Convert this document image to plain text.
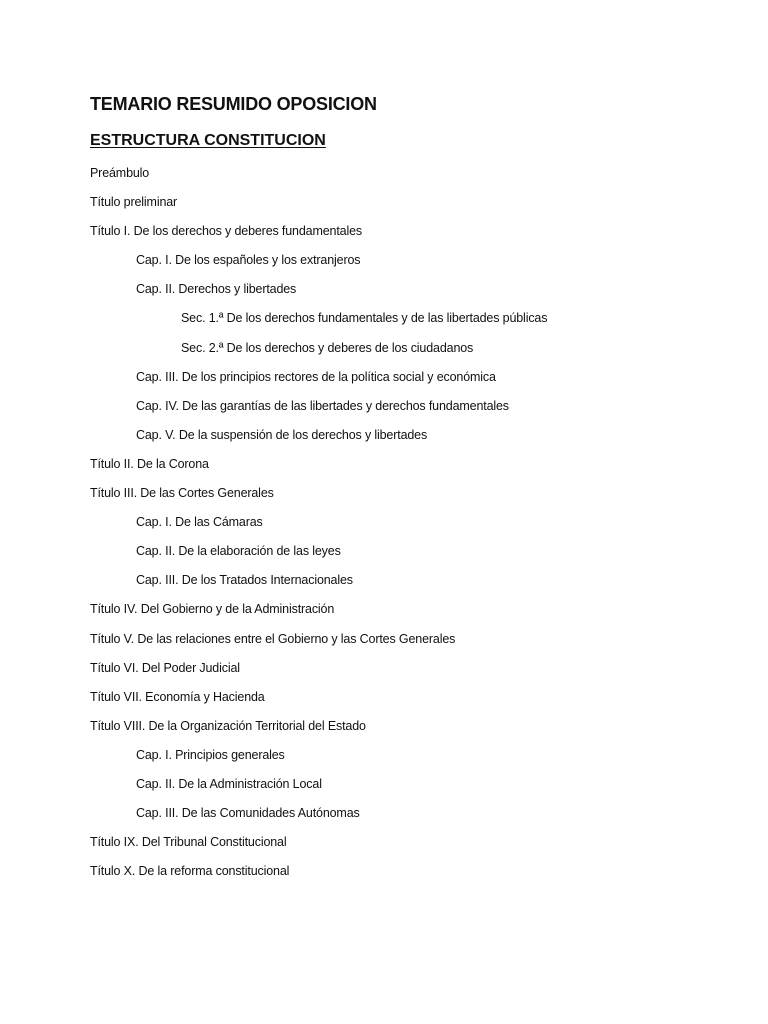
TEMARIO RESUMIDO OPOSICION
ESTRUCTURA CONSTITUCION
Preámbulo
Título preliminar
Título I. De los derechos y deberes fundamentales
Cap. I. De los españoles y los extranjeros
Cap. II. Derechos y libertades
Sec. 1.ª De los derechos fundamentales y de las libertades públicas
Sec. 2.ª De los derechos y deberes de los ciudadanos
Cap. III. De los principios rectores de la política social y económica
Cap. IV. De las garantías de las libertades y derechos fundamentales
Cap. V. De la suspensión de los derechos y libertades
Título II. De la Corona
Título III. De las Cortes Generales
Cap. I. De las Cámaras
Cap. II. De la elaboración de las leyes
Cap. III. De los Tratados Internacionales
Título IV. Del Gobierno y de la Administración
Título V. De las relaciones entre el Gobierno y las Cortes Generales
Título VI. Del Poder Judicial
Título VII. Economía y Hacienda
Título VIII. De la Organización Territorial del Estado
Cap. I. Principios generales
Cap. II. De la Administración Local
Cap. III. De las Comunidades Autónomas
Título IX. Del Tribunal Constitucional
Título X. De la reforma constitucional
